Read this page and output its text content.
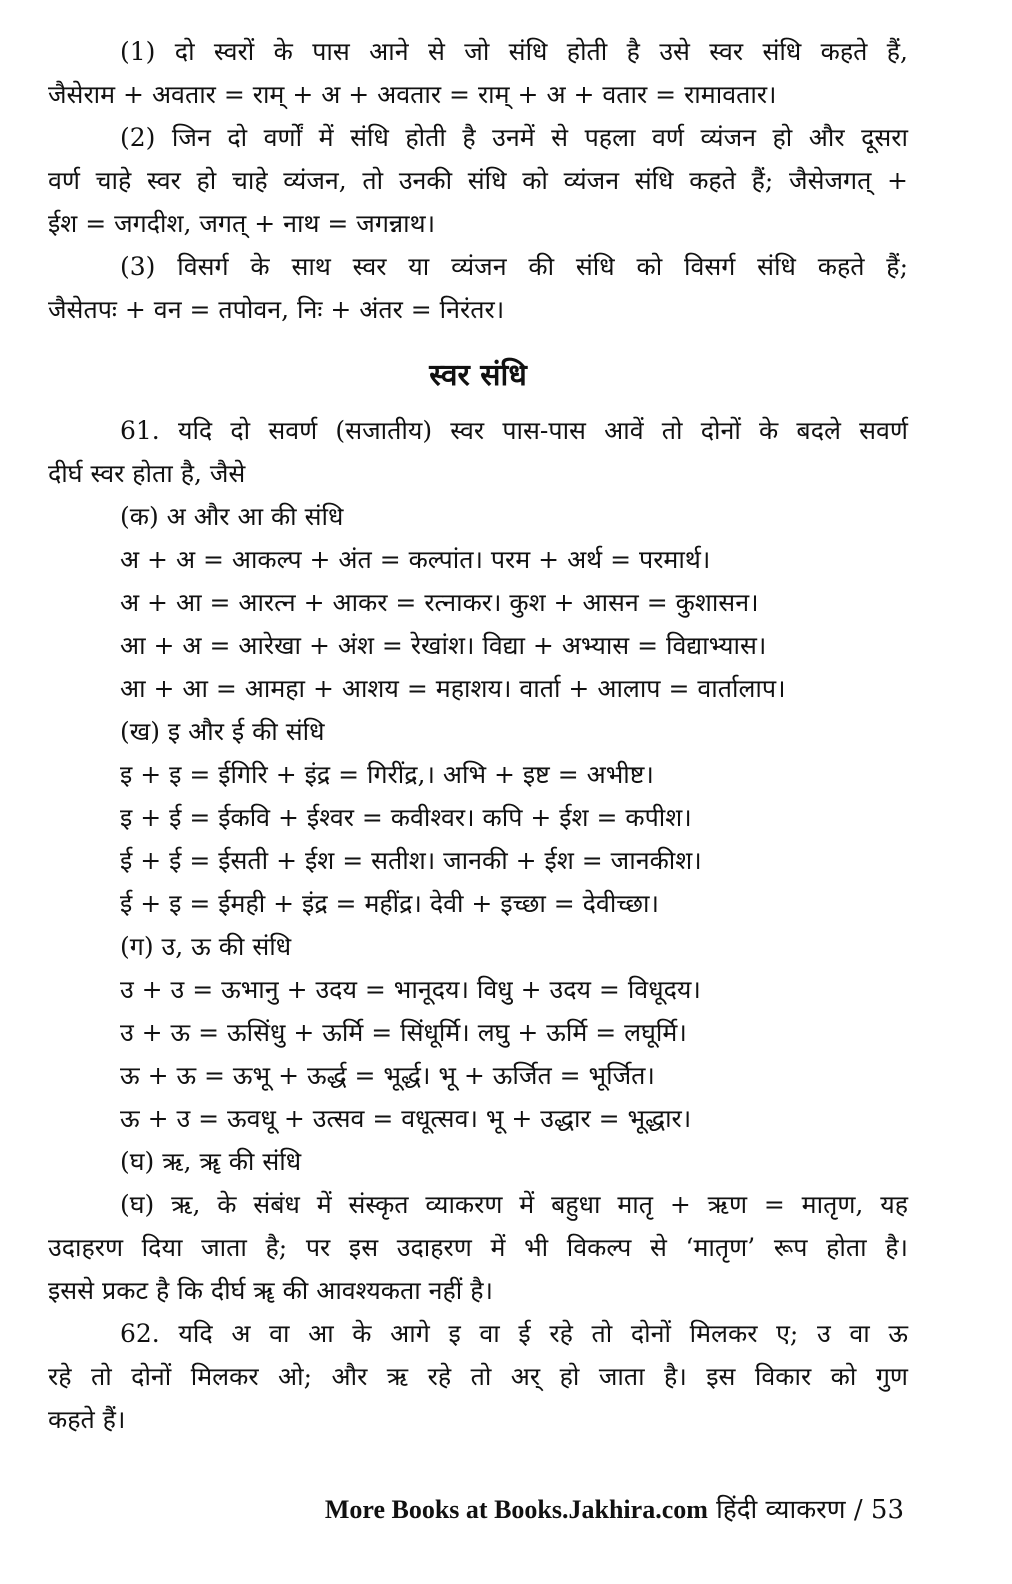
(1) दो स्वरों के पास आने से जो संधि होती है उसे स्वर संधि कहते हैं,
जैसेराम + अवतार = राम् + अ + अवतार = राम् + अ + वतार = रामावतार।
(2) जिन दो वर्णों में संधि होती है उनमें से पहला वर्ण व्यंजन हो और दूसरा
वर्ण चाहे स्वर हो चाहे व्यंजन, तो उनकी संधि को व्यंजन संधि कहते हैं; जैसेजगत् +
ईश = जगदीश, जगत् + नाथ = जगन्नाथ।
(3) विसर्ग के साथ स्वर या व्यंजन की संधि को विसर्ग संधि कहते हैं;
जैसेतपः + वन = तपोवन, निः + अंतर = निरंतर।
स्वर संधि
61. यदि दो सवर्ण (सजातीय) स्वर पास-पास आवें तो दोनों के बदले सवर्ण
दीर्घ स्वर होता है, जैसे
(क) अ और आ की संधि
अ + अ = आकल्प + अंत = कल्पांत। परम + अर्थ = परमार्थ।
अ + आ = आरत्न + आकर = रत्नाकर। कुश + आसन = कुशासन।
आ + अ = आरेखा + अंश = रेखांश। विद्या + अभ्यास = विद्याभ्यास।
आ + आ = आमहा + आशय = महाशय। वार्ता + आलाप = वार्तालाप।
(ख) इ और ई की संधि
इ + इ = ईगिरि + इंद्र = गिरींद्र,। अभि + इष्ट = अभीष्ट।
इ + ई = ईकवि + ईश्वर = कवीश्वर। कपि + ईश = कपीश।
ई + ई = ईसती + ईश = सतीश। जानकी + ईश = जानकीश।
ई + इ = ईमही + इंद्र = महींद्र। देवी + इच्छा = देवीच्छा।
(ग) उ, ऊ की संधि
उ + उ = ऊभानु + उदय = भानूदय। विधु + उदय = विधूदय।
उ + ऊ = ऊसिंधु + ऊर्मि = सिंधूर्मि। लघु + ऊर्मि = लघूर्मि।
ऊ + ऊ = ऊभू + ऊर्द्ध = भूर्द्ध। भू + ऊर्जित = भूर्जित।
ऊ + उ = ऊवधू + उत्सव = वधूत्सव। भू + उद्धार = भूद्धार।
(घ) ऋ, ॠ की संधि
(घ) ऋ, के संबंध में संस्कृत व्याकरण में बहुधा मातृ + ऋण = मातृण, यह
उदाहरण दिया जाता है; पर इस उदाहरण में भी विकल्प से ‘मातृण’ रूप होता है।
इससे प्रकट है कि दीर्घ ॠ की आवश्यकता नहीं है।
62. यदि अ वा आ के आगे इ वा ई रहे तो दोनों मिलकर ए; उ वा ऊ
रहे तो दोनों मिलकर ओ; और ऋ रहे तो अर् हो जाता है। इस विकार को गुण
कहते हैं।
More Books at Books.Jakhira.com हिंदी व्याकरण / 53
